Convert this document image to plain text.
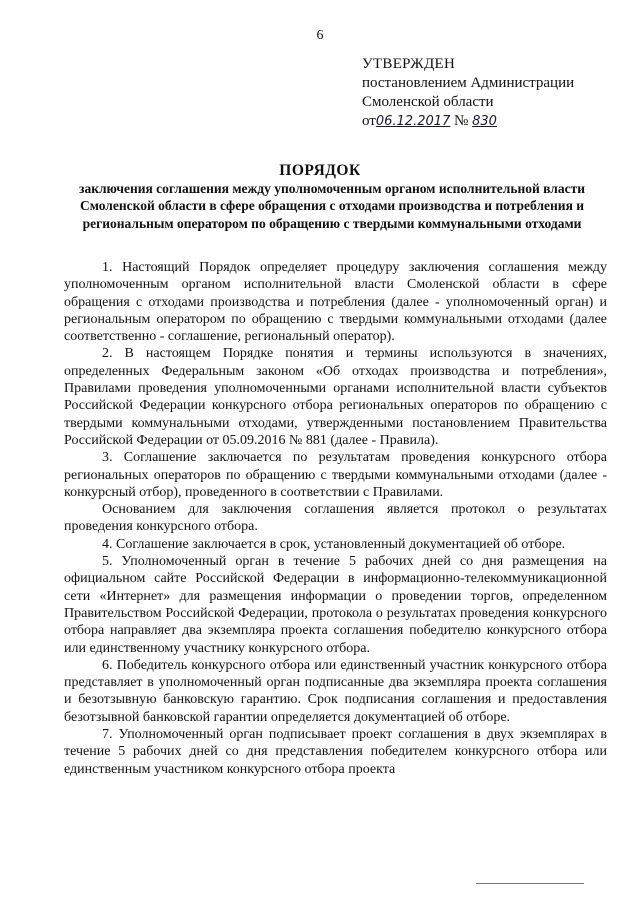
6
УТВЕРЖДЕН
постановлением Администрации
Смоленской области
от06.12.2017 № 830
ПОРЯДОК
заключения соглашения между уполномоченным органом исполнительной власти Смоленской области в сфере обращения с отходами производства и потребления и региональным оператором по обращению с твердыми коммунальными отходами

1. Настоящий Порядок определяет процедуру заключения соглашения между уполномоченным органом исполнительной власти Смоленской области в сфере обращения с отходами производства и потребления (далее - уполномоченный орган) и региональным оператором по обращению с твердыми коммунальными отходами (далее соответственно - соглашение, региональный оператор).

2. В настоящем Порядке понятия и термины используются в значениях, определенных Федеральным законом «Об отходах производства и потребления», Правилами проведения уполномоченными органами исполнительной власти субъектов Российской Федерации конкурсного отбора региональных операторов по обращению с твердыми коммунальными отходами, утвержденными постановлением Правительства Российской Федерации от 05.09.2016 № 881 (далее - Правила).

3. Соглашение заключается по результатам проведения конкурсного отбора региональных операторов по обращению с твердыми коммунальными отходами (далее - конкурсный отбор), проведенного в соответствии с Правилами.

Основанием для заключения соглашения является протокол о результатах проведения конкурсного отбора.

4. Соглашение заключается в срок, установленный документацией об отборе.

5. Уполномоченный орган в течение 5 рабочих дней со дня размещения на официальном сайте Российской Федерации в информационно-телекоммуникационной сети «Интернет» для размещения информации о проведении торгов, определенном Правительством Российской Федерации, протокола о результатах проведения конкурсного отбора направляет два экземпляра проекта соглашения победителю конкурсного отбора или единственному участнику конкурсного отбора.

6. Победитель конкурсного отбора или единственный участник конкурсного отбора представляет в уполномоченный орган подписанные два экземпляра проекта соглашения и безотзывную банковскую гарантию. Срок подписания соглашения и предоставления безотзывной банковской гарантии определяется документацией об отборе.

7. Уполномоченный орган подписывает проект соглашения в двух экземплярах в течение 5 рабочих дней со дня представления победителем конкурсного отбора или единственным участником конкурсного отбора проекта
